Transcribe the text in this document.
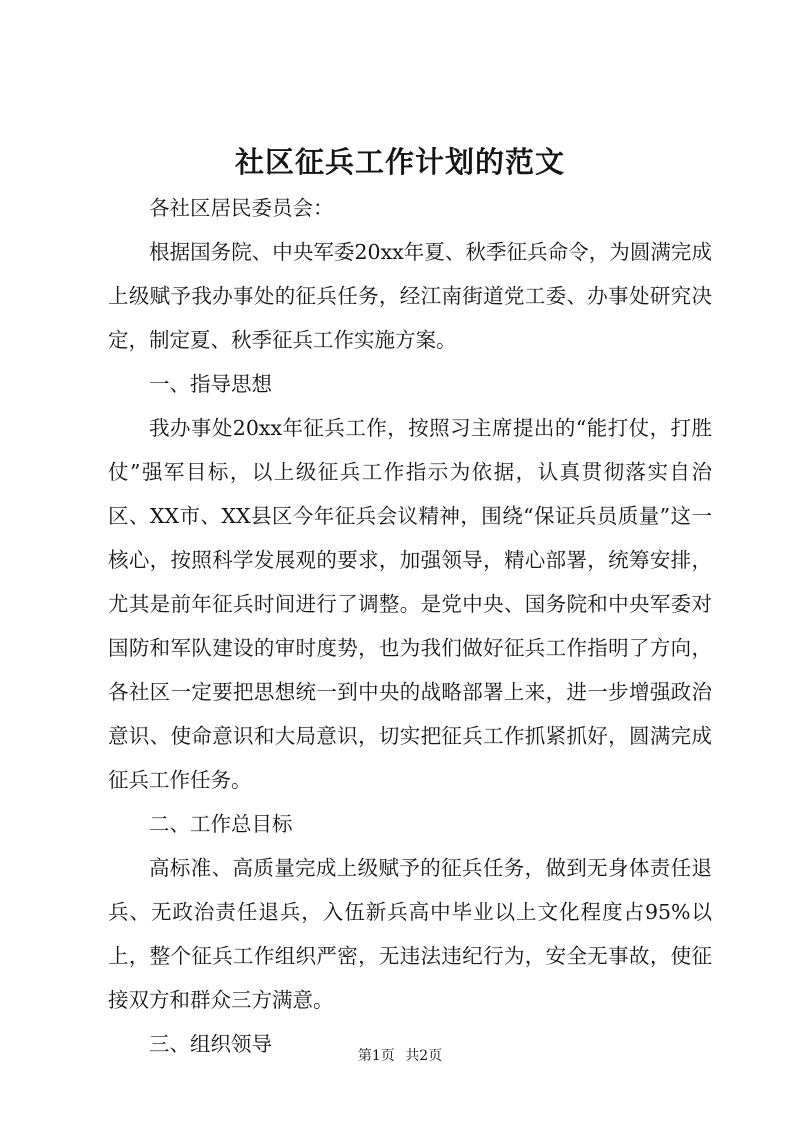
社区征兵工作计划的范文

各社区居民委员会：

根据国务院、中央军委20xx年夏、秋季征兵命令，为圆满完成上级赋予我办事处的征兵任务，经江南街道党工委、办事处研究决定，制定夏、秋季征兵工作实施方案。

一、指导思想

我办事处20xx年征兵工作，按照习主席提出的“能打仗，打胜仗”强军目标，以上级征兵工作指示为依据，认真贯彻落实自治区、XX市、XX县区今年征兵会议精神，围绕“保证兵员质量”这一核心，按照科学发展观的要求，加强领导，精心部署，统筹安排，尤其是前年征兵时间进行了调整。是党中央、国务院和中央军委对国防和军队建设的审时度势，也为我们做好征兵工作指明了方向，各社区一定要把思想统一到中央的战略部署上来，进一步增强政治意识、使命意识和大局意识，切实把征兵工作抓紧抓好，圆满完成征兵工作任务。

二、工作总目标

高标准、高质量完成上级赋予的征兵任务，做到无身体责任退兵、无政治责任退兵，入伍新兵高中毕业以上文化程度占95%以上，整个征兵工作组织严密，无违法违纪行为，安全无事故，使征接双方和群众三方满意。

三、组织领导	第1页 共2页
